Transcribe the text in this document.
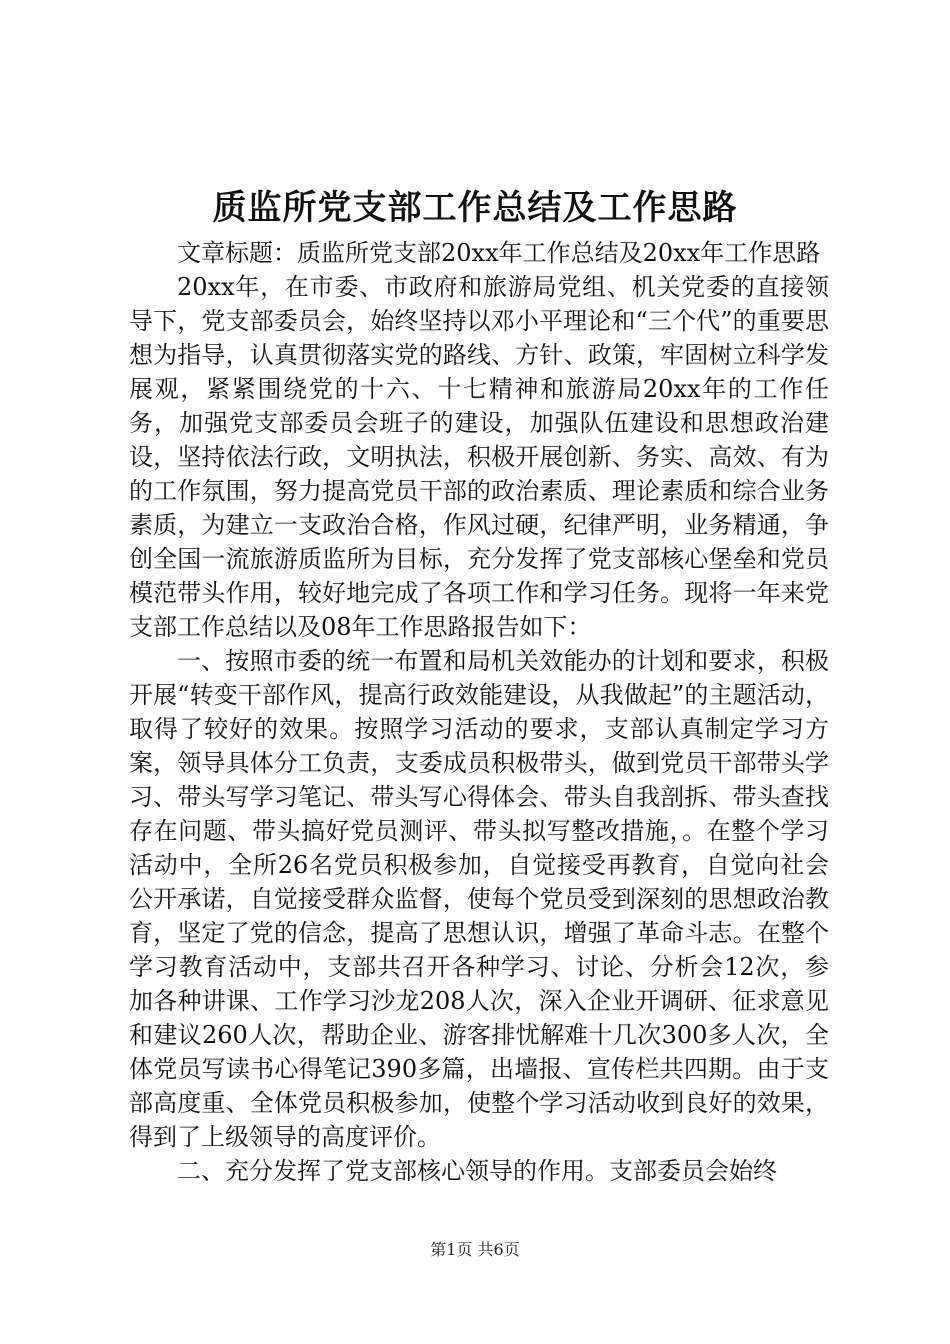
质监所党支部工作总结及工作思路

文章标题：质监所党支部20xx年工作总结及20xx年工作思路

20xx年，在市委、市政府和旅游局党组、机关党委的直接领导下，党支部委员会，始终坚持以邓小平理论和“三个代”的重要思想为指导，认真贯彻落实党的路线、方针、政策，牢固树立科学发展观，紧紧围绕党的十六、十七精神和旅游局20xx年的工作任务，加强党支部委员会班子的建设，加强队伍建设和思想政治建设，坚持依法行政，文明执法，积极开展创新、务实、高效、有为的工作氛围，努力提高党员干部的政治素质、理论素质和综合业务素质，为建立一支政治合格，作风过硬，纪律严明，业务精通，争创全国一流旅游质监所为目标，充分发挥了党支部核心堡垒和党员模范带头作用，较好地完成了各项工作和学习任务。现将一年来党支部工作总结以及08年工作思路报告如下：

一、按照市委的统一布置和局机关效能办的计划和要求，积极开展“转变干部作风，提高行政效能建设，从我做起”的主题活动，取得了较好的效果。按照学习活动的要求，支部认真制定学习方案，领导具体分工负责，支委成员积极带头，做到党员干部带头学习、带头写学习笔记、带头写心得体会、带头自我剖拆、带头查找存在问题、带头搞好党员测评、带头拟写整改措施，。在整个学习活动中，全所26名党员积极参加，自觉接受再教育，自觉向社会公开承诺，自觉接受群众监督，使每个党员受到深刻的思想政治教育，坚定了党的信念，提高了思想认识，增强了革命斗志。在整个学习教育活动中，支部共召开各种学习、讨论、分析会12次，参加各种讲课、工作学习沙龙208人次，深入企业开调研、征求意见和建议260人次，帮助企业、游客排忧解难十几次300多人次，全体党员写读书心得笔记390多篇，出墙报、宣传栏共四期。由于支部高度重、全体党员积极参加，使整个学习活动收到良好的效果，得到了上级领导的高度评价。

二、充分发挥了党支部核心领导的作用。支部委员会始终

第1页 共6页
